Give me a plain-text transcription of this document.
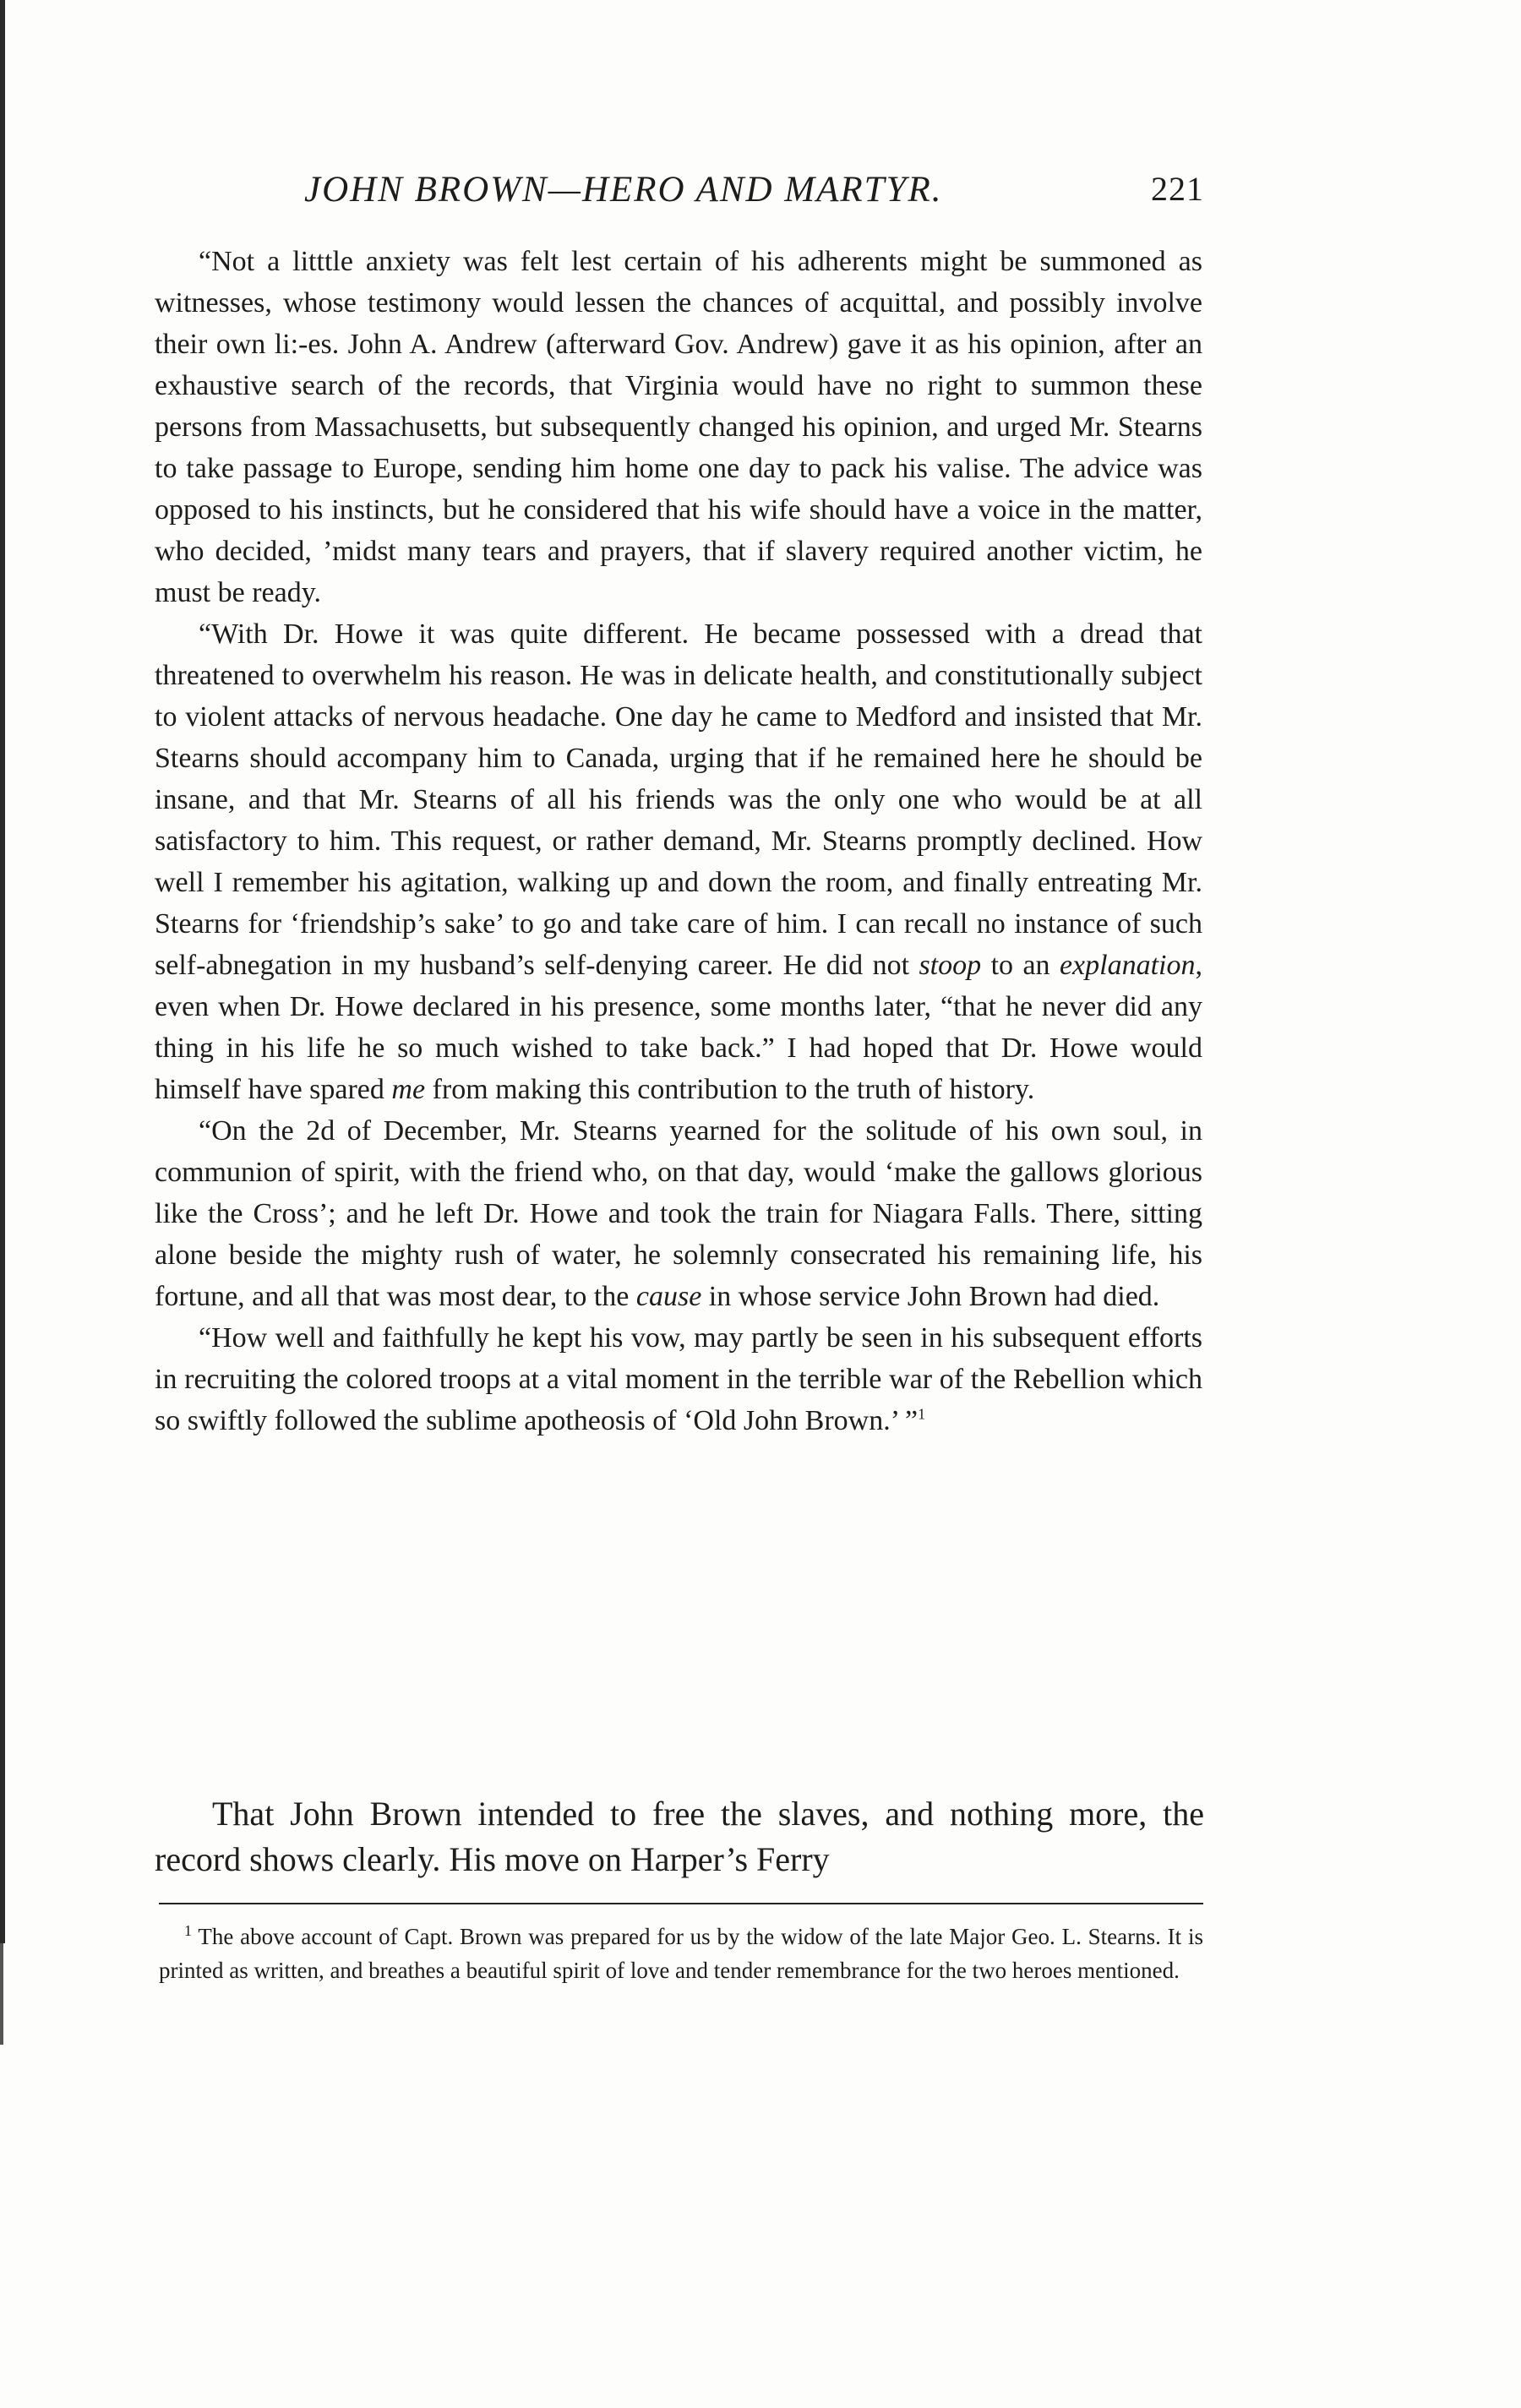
JOHN BROWN—HERO AND MARTYR.	221

“Not a litttle anxiety was felt lest certain of his adherents might be summoned as witnesses, whose testimony would lessen the chances of acquittal, and possibly involve their own li:-es. John A. Andrew (afterward Gov. Andrew) gave it as his opinion, after an exhaustive search of the records, that Virginia would have no right to summon these persons from Massachusetts, but subsequently changed his opinion, and urged Mr. Stearns to take passage to Europe, sending him home one day to pack his valise. The advice was opposed to his instincts, but he considered that his wife should have a voice in the matter, who decided, ’midst many tears and prayers, that if slavery required another victim, he must be ready.

“With Dr. Howe it was quite different. He became possessed with a dread that threatened to overwhelm his reason. He was in delicate health, and constitutionally subject to violent attacks of nervous headache. One day he came to Medford and insisted that Mr. Stearns should accompany him to Canada, urging that if he remained here he should be insane, and that Mr. Stearns of all his friends was the only one who would be at all satisfactory to him. This request, or rather demand, Mr. Stearns promptly declined. How well I remember his agitation, walking up and down the room, and finally entreating Mr. Stearns for ‘friendship’s sake’ to go and take care of him. I can recall no instance of such self-abnegation in my husband’s self-denying career. He did not stoop to an explanation, even when Dr. Howe declared in his presence, some months later, “that he never did any thing in his life he so much wished to take back.” I had hoped that Dr. Howe would himself have spared me from making this contribution to the truth of history.

“On the 2d of December, Mr. Stearns yearned for the solitude of his own soul, in communion of spirit, with the friend who, on that day, would ‘make the gallows glorious like the Cross’; and he left Dr. Howe and took the train for Niagara Falls. There, sitting alone beside the mighty rush of water, he solemnly consecrated his remaining life, his fortune, and all that was most dear, to the cause in whose service John Brown had died.

“How well and faithfully he kept his vow, may partly be seen in his subsequent efforts in recruiting the colored troops at a vital moment in the terrible war of the Rebellion which so swiftly followed the sublime apotheosis of ‘Old John Brown.’ ”$^1$

That John Brown intended to free the slaves, and nothing more, the record shows clearly. His move on Harper’s Ferry

$^1$ The above account of Capt. Brown was prepared for us by the widow of the late Major Geo. L. Stearns. It is printed as written, and breathes a beautiful spirit of love and tender remembrance for the two heroes mentioned.
